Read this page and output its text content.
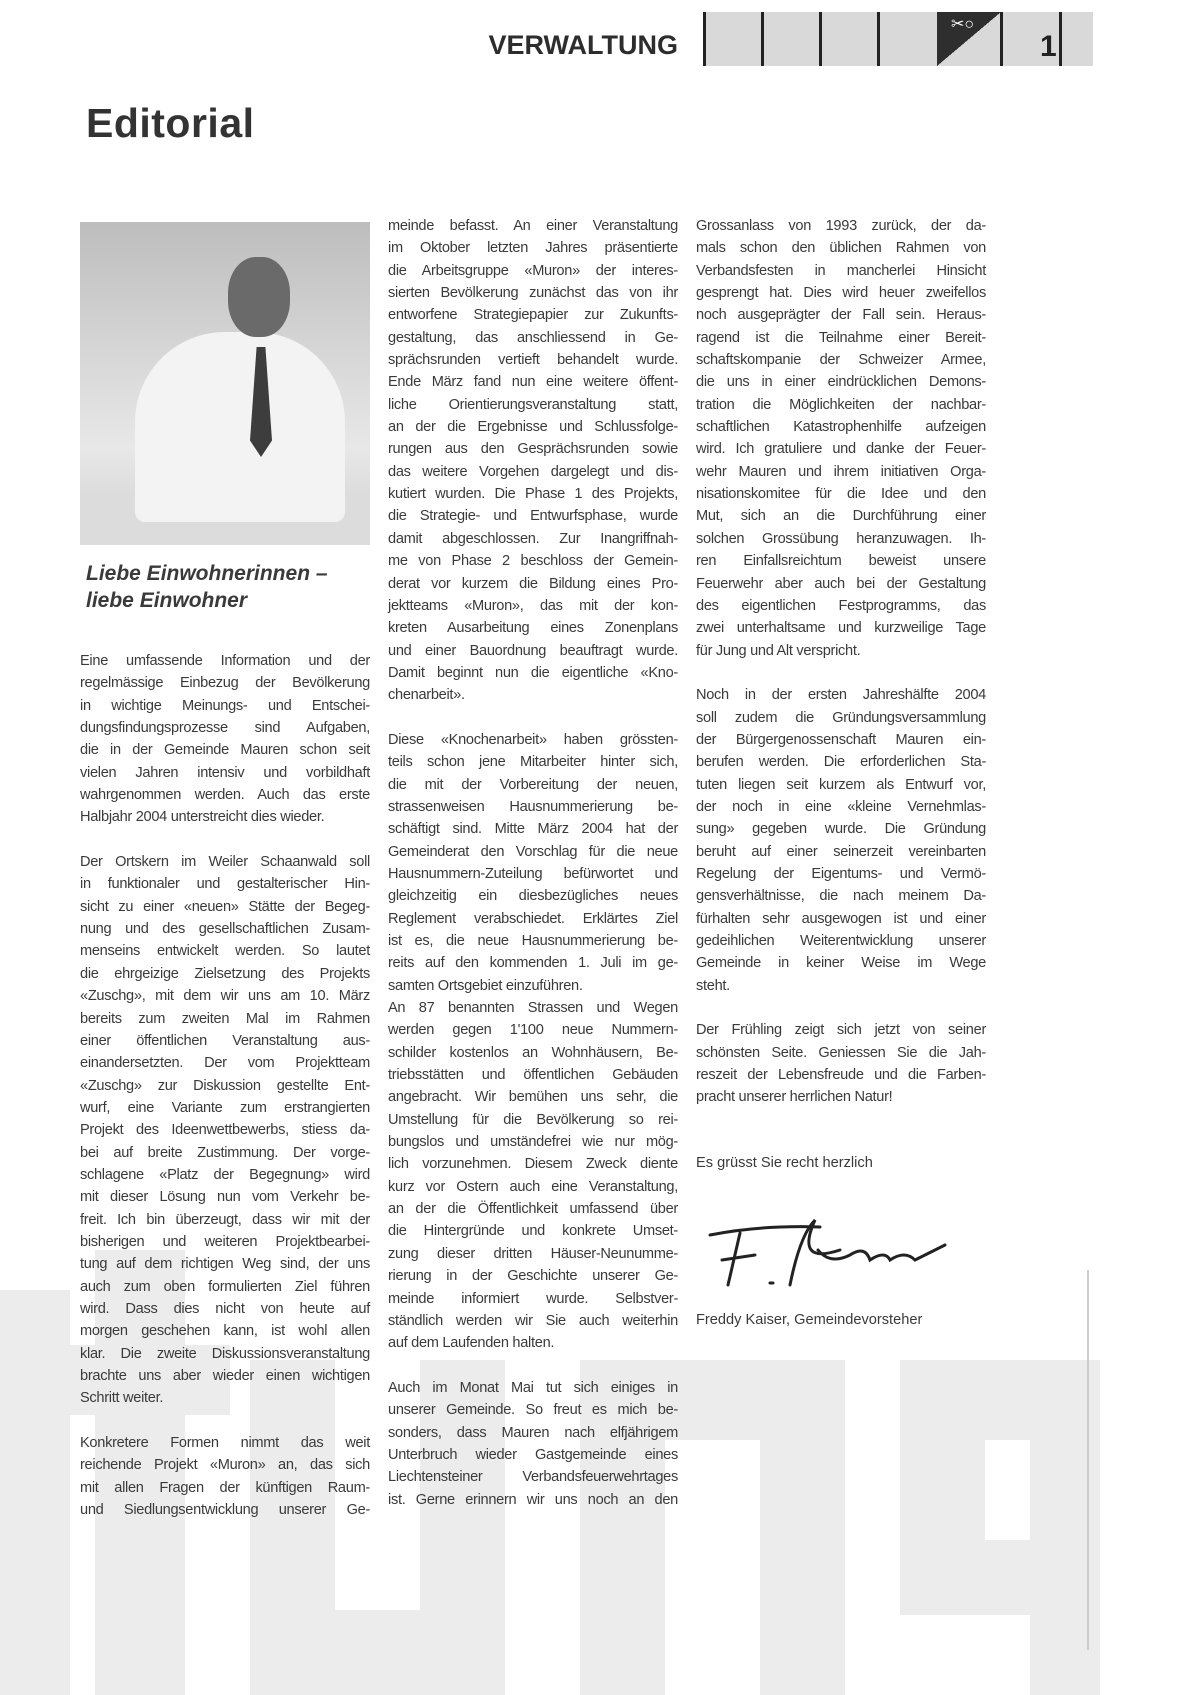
VERWALTUNG
✂○
1
Editorial
Liebe Einwohnerinnen –
liebe Einwohner
Eine umfassende Information und der
regelmässige Einbezug der Bevölkerung
in wichtige Meinungs- und Entschei-
dungsfindungsprozesse sind Aufgaben,
die in der Gemeinde Mauren schon seit
vielen Jahren intensiv und vorbildhaft
wahrgenommen werden. Auch das erste
Halbjahr 2004 unterstreicht dies wieder.
Der Ortskern im Weiler Schaanwald soll
in funktionaler und gestalterischer Hin-
sicht zu einer «neuen» Stätte der Begeg-
nung und des gesellschaftlichen Zusam-
menseins entwickelt werden. So lautet
die ehrgeizige Zielsetzung des Projekts
«Zuschg», mit dem wir uns am 10. März
bereits zum zweiten Mal im Rahmen
einer öffentlichen Veranstaltung aus-
einandersetzten. Der vom Projektteam
«Zuschg» zur Diskussion gestellte Ent-
wurf, eine Variante zum erstrangierten
Projekt des Ideenwettbewerbs, stiess da-
bei auf breite Zustimmung. Der vorge-
schlagene «Platz der Begegnung» wird
mit dieser Lösung nun vom Verkehr be-
freit. Ich bin überzeugt, dass wir mit der
bisherigen und weiteren Projektbearbei-
tung auf dem richtigen Weg sind, der uns
auch zum oben formulierten Ziel führen
wird. Dass dies nicht von heute auf
morgen geschehen kann, ist wohl allen
klar. Die zweite Diskussionsveranstaltung
brachte uns aber wieder einen wichtigen
Schritt weiter.
Konkretere Formen nimmt das weit
reichende Projekt «Muron» an, das sich
mit allen Fragen der künftigen Raum-
und Siedlungsentwicklung unserer Ge-
meinde befasst. An einer Veranstaltung
im Oktober letzten Jahres präsentierte
die Arbeitsgruppe «Muron» der interes-
sierten Bevölkerung zunächst das von ihr
entworfene Strategiepapier zur Zukunfts-
gestaltung, das anschliessend in Ge-
sprächsrunden vertieft behandelt wurde.
Ende März fand nun eine weitere öffent-
liche Orientierungsveranstaltung statt,
an der die Ergebnisse und Schlussfolge-
rungen aus den Gesprächsrunden sowie
das weitere Vorgehen dargelegt und dis-
kutiert wurden. Die Phase 1 des Projekts,
die Strategie- und Entwurfsphase, wurde
damit abgeschlossen. Zur Inangriffnah-
me von Phase 2 beschloss der Gemein-
derat vor kurzem die Bildung eines Pro-
jektteams «Muron», das mit der kon-
kreten Ausarbeitung eines Zonenplans
und einer Bauordnung beauftragt wurde.
Damit beginnt nun die eigentliche «Kno-
chenarbeit».
Diese «Knochenarbeit» haben grössten-
teils schon jene Mitarbeiter hinter sich,
die mit der Vorbereitung der neuen,
strassenweisen Hausnummerierung be-
schäftigt sind. Mitte März 2004 hat der
Gemeinderat den Vorschlag für die neue
Hausnummern-Zuteilung befürwortet und
gleichzeitig ein diesbezügliches neues
Reglement verabschiedet. Erklärtes Ziel
ist es, die neue Hausnummerierung be-
reits auf den kommenden 1. Juli im ge-
samten Ortsgebiet einzuführen.
An 87 benannten Strassen und Wegen
werden gegen 1'100 neue Nummern-
schilder kostenlos an Wohnhäusern, Be-
triebsstätten und öffentlichen Gebäuden
angebracht. Wir bemühen uns sehr, die
Umstellung für die Bevölkerung so rei-
bungslos und umständefrei wie nur mög-
lich vorzunehmen. Diesem Zweck diente
kurz vor Ostern auch eine Veranstaltung,
an der die Öffentlichkeit umfassend über
die Hintergründe und konkrete Umset-
zung dieser dritten Häuser-Neunumme-
rierung in der Geschichte unserer Ge-
meinde informiert wurde. Selbstver-
ständlich werden wir Sie auch weiterhin
auf dem Laufenden halten.
Auch im Monat Mai tut sich einiges in
unserer Gemeinde. So freut es mich be-
sonders, dass Mauren nach elfjährigem
Unterbruch wieder Gastgemeinde eines
Liechtensteiner Verbandsfeuerwehrtages
ist. Gerne erinnern wir uns noch an den
Grossanlass von 1993 zurück, der da-
mals schon den üblichen Rahmen von
Verbandsfesten in mancherlei Hinsicht
gesprengt hat. Dies wird heuer zweifellos
noch ausgeprägter der Fall sein. Heraus-
ragend ist die Teilnahme einer Bereit-
schaftskompanie der Schweizer Armee,
die uns in einer eindrücklichen Demons-
tration die Möglichkeiten der nachbar-
schaftlichen Katastrophenhilfe aufzeigen
wird. Ich gratuliere und danke der Feuer-
wehr Mauren und ihrem initiativen Orga-
nisationskomitee für die Idee und den
Mut, sich an die Durchführung einer
solchen Grossübung heranzuwagen. Ih-
ren Einfallsreichtum beweist unsere
Feuerwehr aber auch bei der Gestaltung
des eigentlichen Festprogramms, das
zwei unterhaltsame und kurzweilige Tage
für Jung und Alt verspricht.
Noch in der ersten Jahreshälfte 2004
soll zudem die Gründungsversammlung
der Bürgergenossenschaft Mauren ein-
berufen werden. Die erforderlichen Sta-
tuten liegen seit kurzem als Entwurf vor,
der noch in eine «kleine Vernehmlas-
sung» gegeben wurde. Die Gründung
beruht auf einer seinerzeit vereinbarten
Regelung der Eigentums- und Vermö-
gensverhältnisse, die nach meinem Da-
fürhalten sehr ausgewogen ist und einer
gedeihlichen Weiterentwicklung unserer
Gemeinde in keiner Weise im Wege
steht.
Der Frühling zeigt sich jetzt von seiner
schönsten Seite. Geniessen Sie die Jah-
reszeit der Lebensfreude und die Farben-
pracht unserer herrlichen Natur!
Es grüsst Sie recht herzlich
Freddy Kaiser, Gemeindevorsteher
